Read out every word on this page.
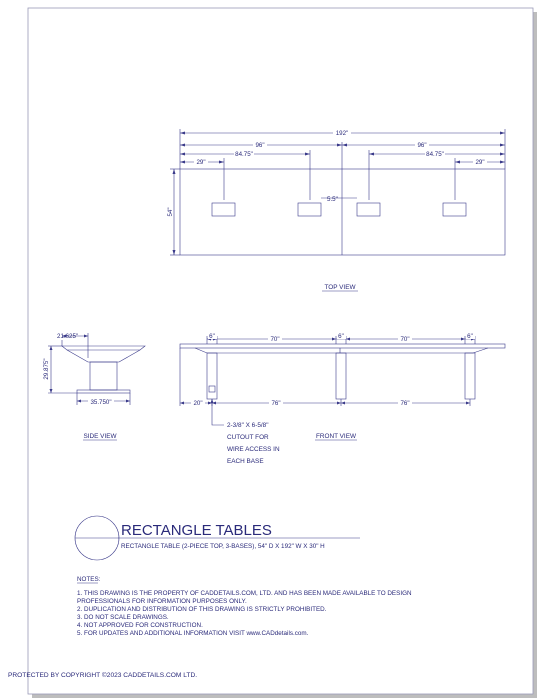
192"
96"	96"
84.75"	84.75"
29"	29"
5.5"
54"
TOP VIEW
21.625"
29.875"
35.750"
SIDE VIEW
6"	70"	6"	70"	6"
20"	76"	76"
2-3/8" X 6-5/8"
CUTOUT FOR
WIRE ACCESS IN
EACH BASE
FRONT VIEW
RECTANGLE TABLES
RECTANGLE TABLE (2-PIECE TOP, 3-BASES), 54" D X 192" W X 30" H
NOTES:
1. THIS DRAWING IS THE PROPERTY OF CADDETAILS.COM, LTD. AND HAS BEEN MADE AVAILABLE TO DESIGN
PROFESSIONALS FOR INFORMATION PURPOSES ONLY.
2. DUPLICATION AND DISTRIBUTION OF THIS DRAWING IS STRICTLY PROHIBITED.
3. DO NOT SCALE DRAWINGS.
4. NOT APPROVED FOR CONSTRUCTION.
5. FOR UPDATES AND ADDITIONAL INFORMATION VISIT www.CADdetails.com.
PROTECTED BY COPYRIGHT ©2023 CADDETAILS.COM LTD.
